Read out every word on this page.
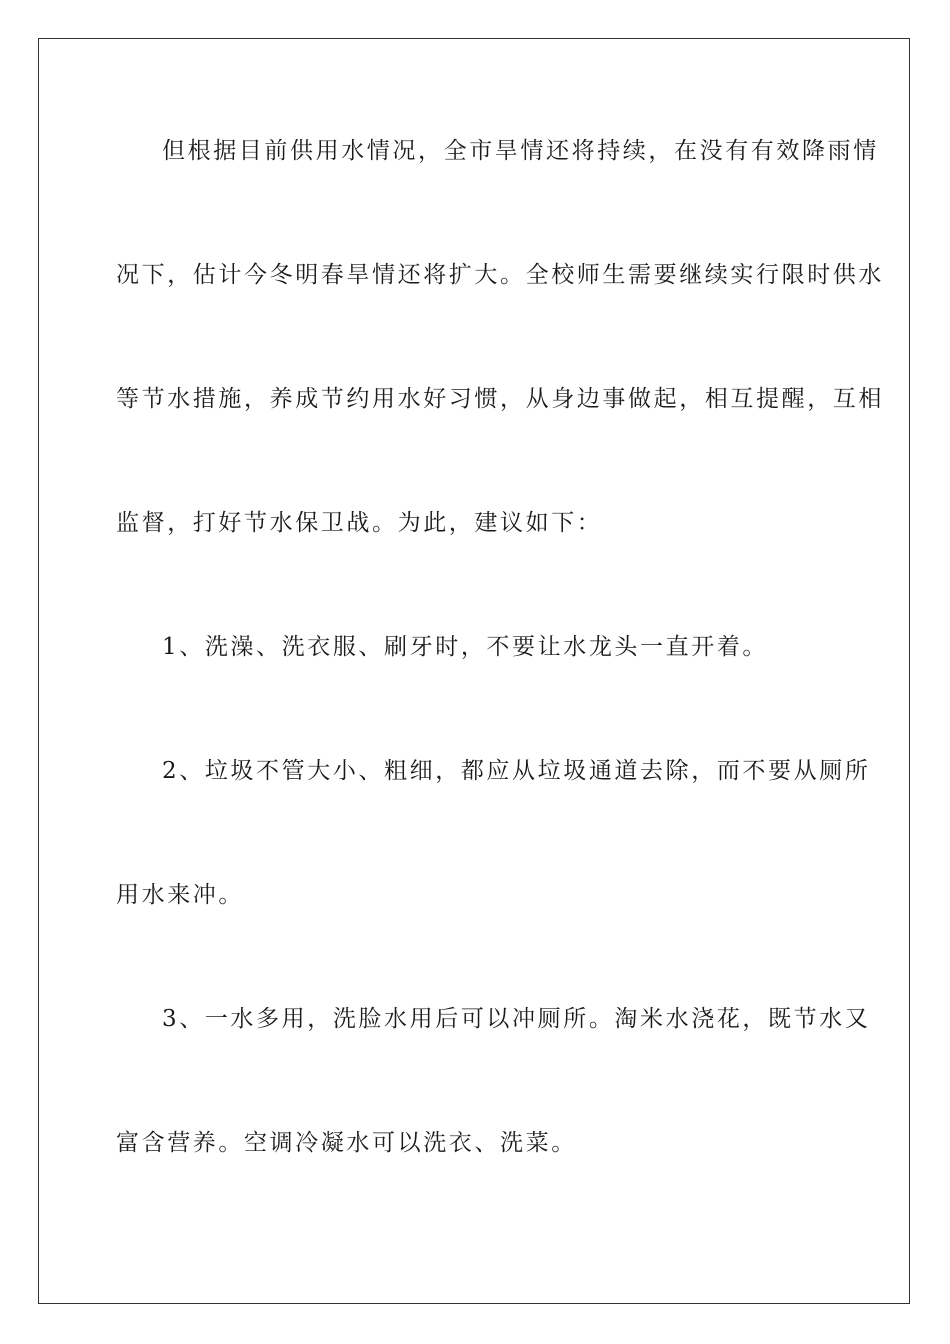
但根据目前供用水情况，全市旱情还将持续，在没有有效降雨情
况下，估计今冬明春旱情还将扩大。全校师生需要继续实行限时供水
等节水措施，养成节约用水好习惯，从身边事做起，相互提醒，互相
监督，打好节水保卫战。为此，建议如下：
1、洗澡、洗衣服、刷牙时，不要让水龙头一直开着。
2、垃圾不管大小、粗细，都应从垃圾通道去除，而不要从厕所
用水来冲。
3、一水多用，洗脸水用后可以冲厕所。淘米水浇花，既节水又
富含营养。空调冷凝水可以洗衣、洗菜。
